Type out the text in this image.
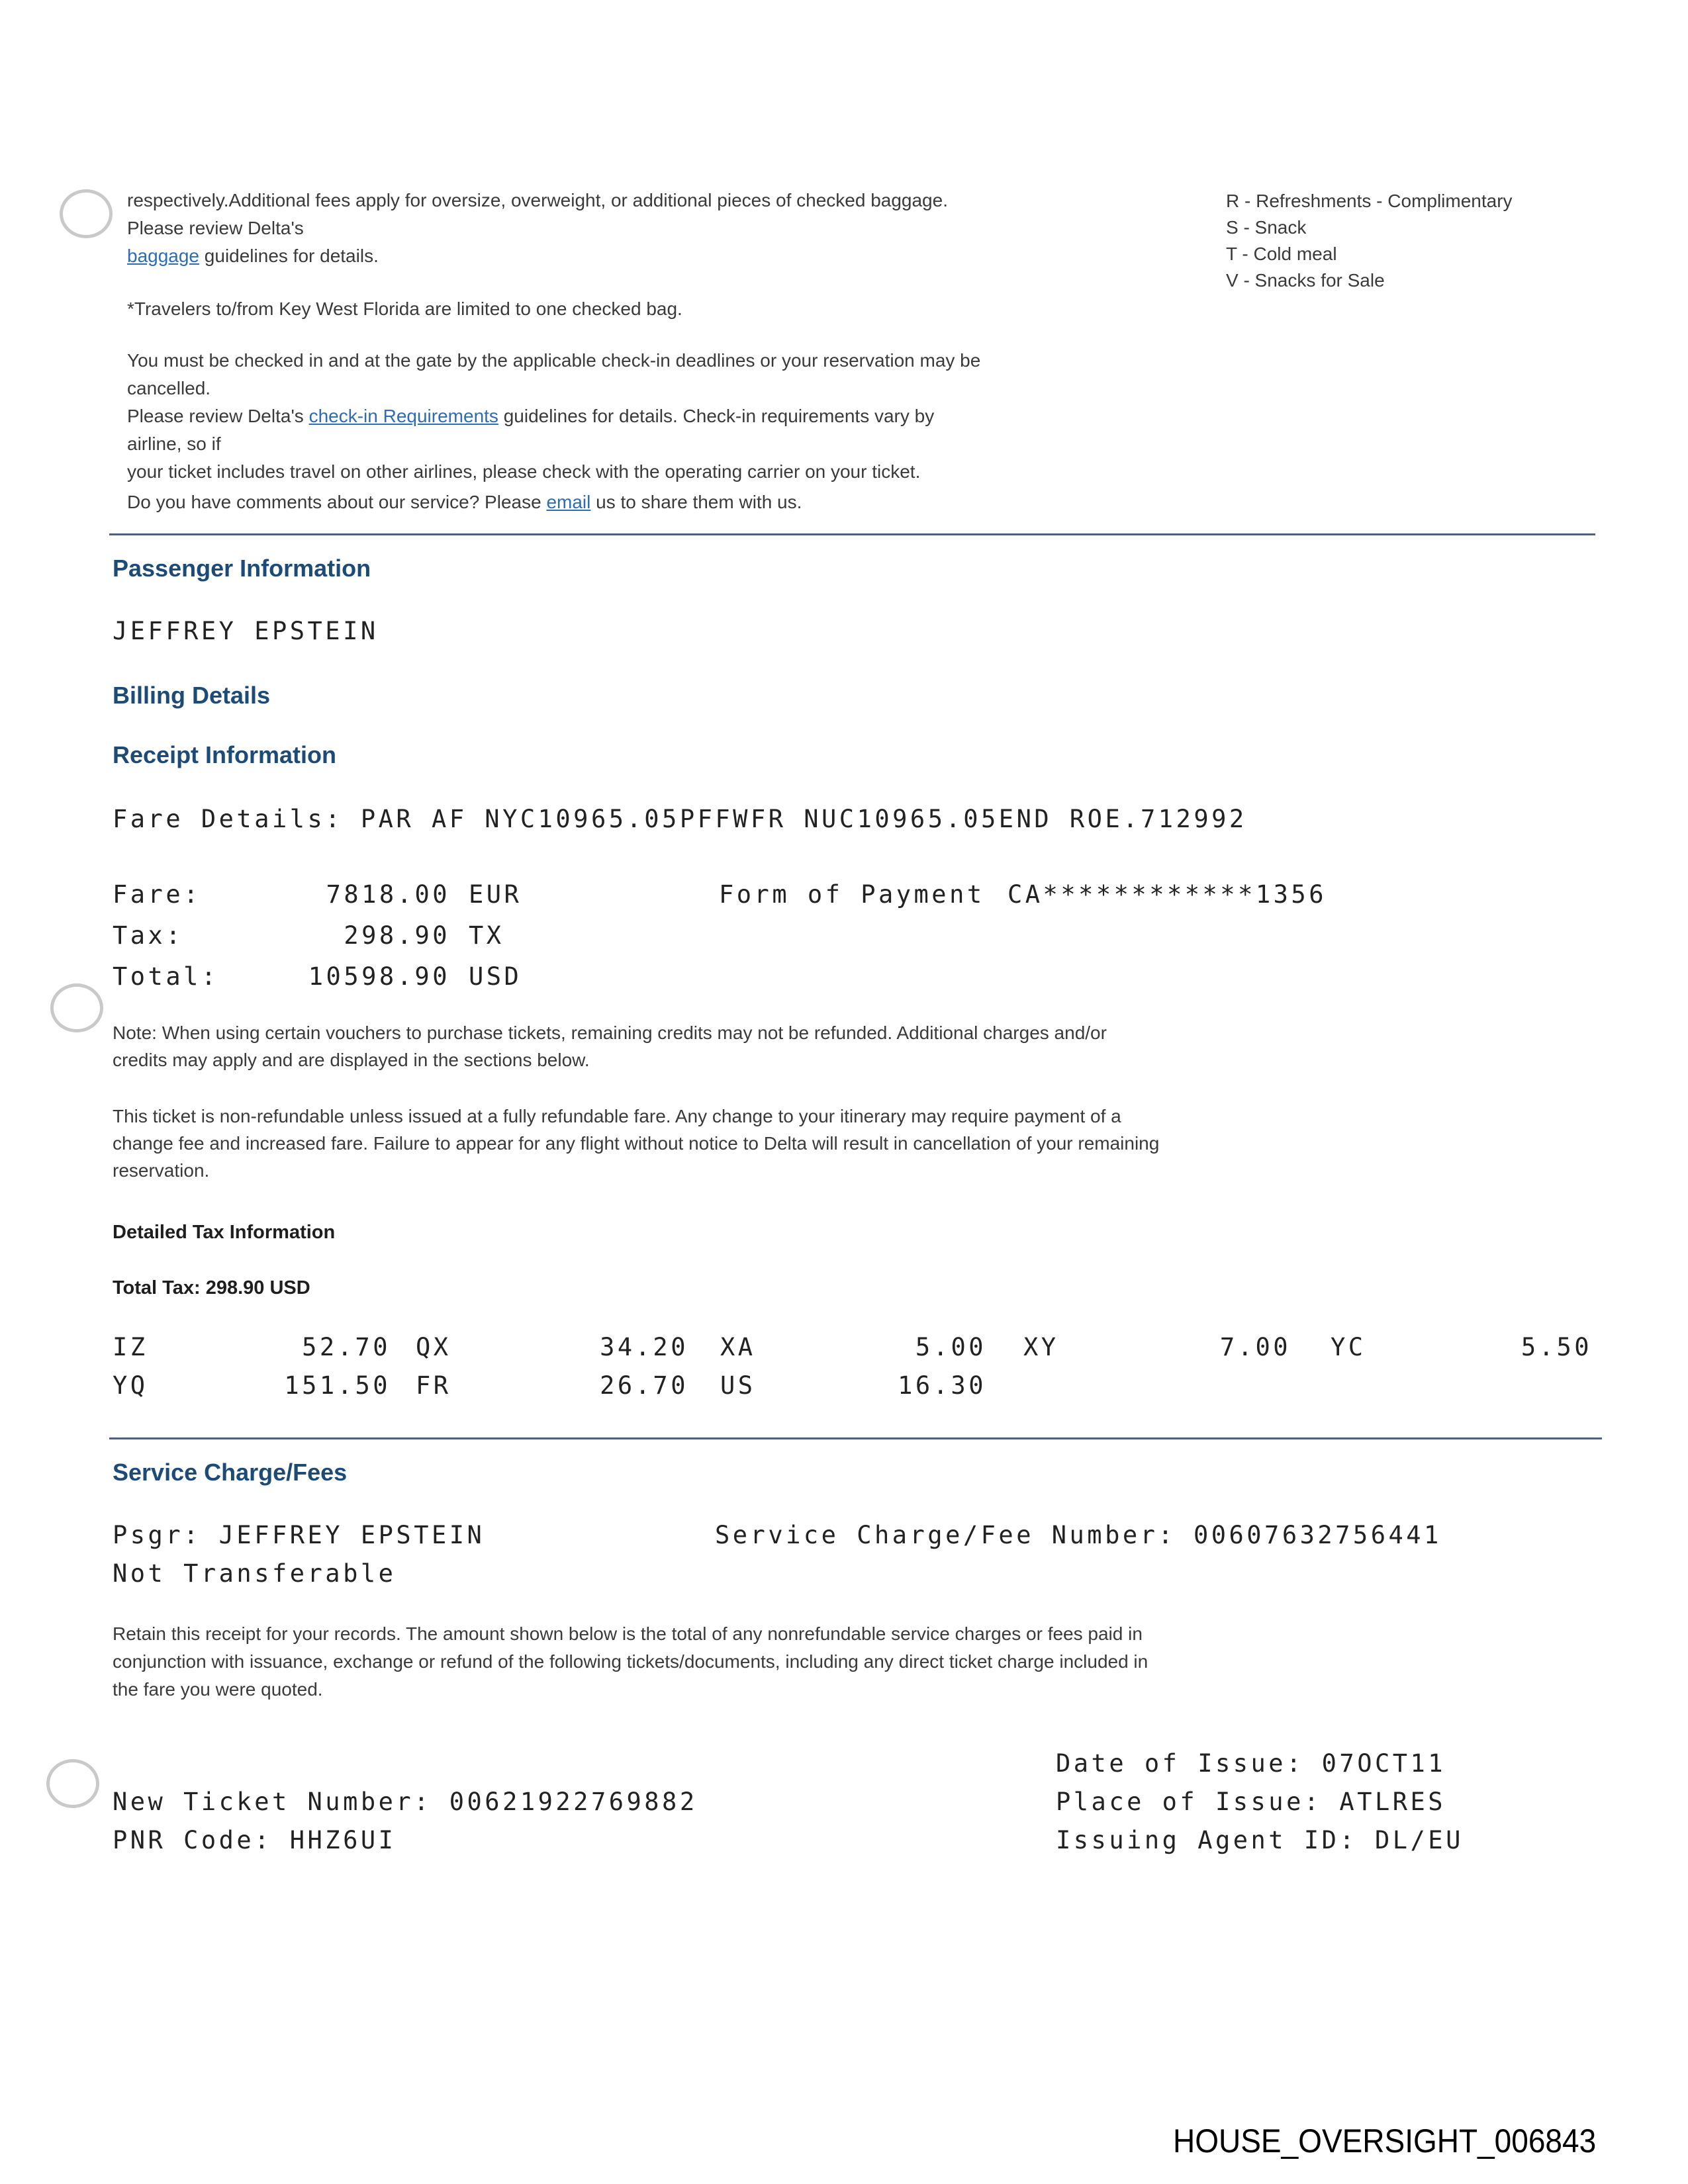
respectively.Additional fees apply for oversize, overweight, or additional pieces of checked baggage.
Please review Delta's
baggage guidelines for details.
R - Refreshments - Complimentary
S - Snack
T - Cold meal
V - Snacks for Sale
*Travelers to/from Key West Florida are limited to one checked bag.
You must be checked in and at the gate by the applicable check-in deadlines or your reservation may be
cancelled.
Please review Delta's check-in Requirements guidelines for details. Check-in requirements vary by
airline, so if
your ticket includes travel on other airlines, please check with the operating carrier on your ticket.
Do you have comments about our service? Please email us to share them with us.
Passenger Information
JEFFREY EPSTEIN
Billing Details
Receipt Information
Fare Details: PAR AF NYC10965.05PFFWFR NUC10965.05END ROE.712992
Fare:	7818.00 EUR	Form of Payment CA************1356
Tax:	298.90 TX
Total:	10598.90 USD
Note: When using certain vouchers to purchase tickets, remaining credits may not be refunded. Additional charges and/or
credits may apply and are displayed in the sections below.
This ticket is non-refundable unless issued at a fully refundable fare. Any change to your itinerary may require payment of a
change fee and increased fare. Failure to appear for any flight without notice to Delta will result in cancellation of your remaining
reservation.
Detailed Tax Information
Total Tax: 298.90 USD
IZ	52.70 QX	34.20 XA	5.00 XY	7.00 YC	5.50
YQ	151.50 FR	26.70 US	16.30
Service Charge/Fees
Psgr: JEFFREY EPSTEIN	Service Charge/Fee Number: 00607632756441
Not Transferable
Retain this receipt for your records. The amount shown below is the total of any nonrefundable service charges or fees paid in
conjunction with issuance, exchange or refund of the following tickets/documents, including any direct ticket charge included in
the fare you were quoted.
Date of Issue: 07OCT11
Place of Issue: ATLRES
Issuing Agent ID: DL/EU
New Ticket Number: 00621922769882
PNR Code: HHZ6UI
HOUSE_OVERSIGHT_006843
